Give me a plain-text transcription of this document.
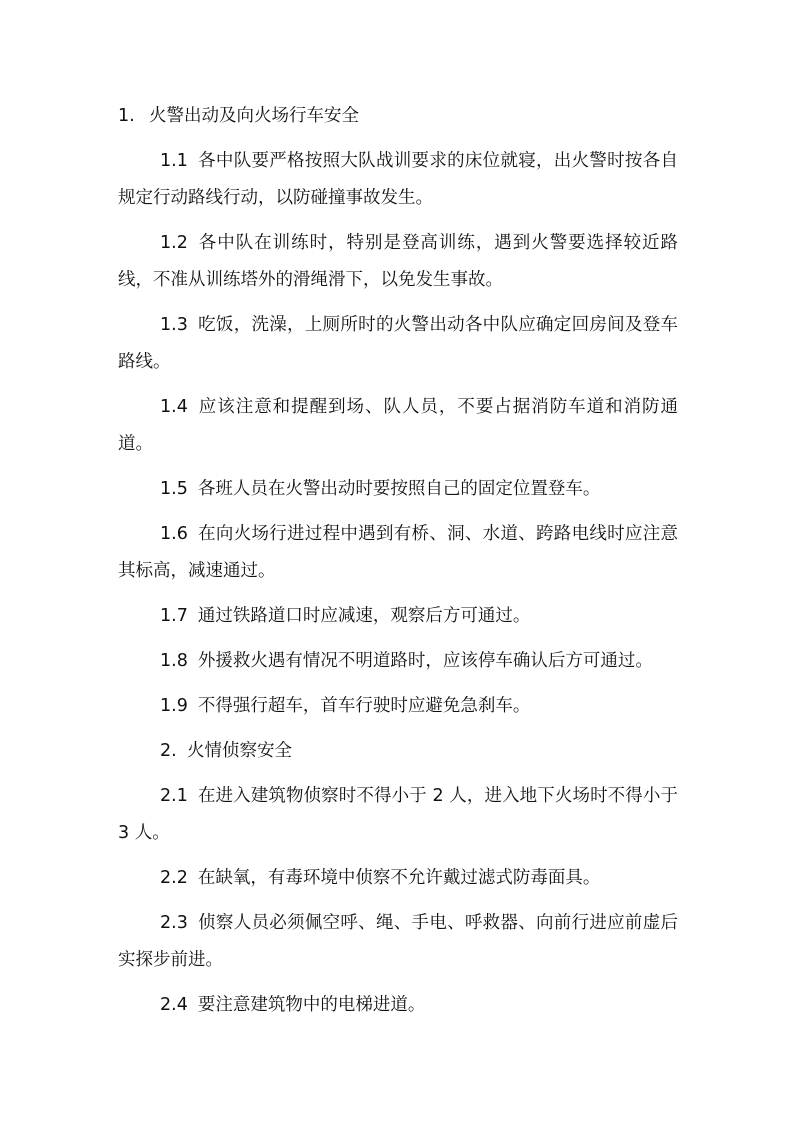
1. 火警出动及向火场行车安全

1.1 各中队要严格按照大队战训要求的床位就寝，出火警时按各自规定行动路线行动，以防碰撞事故发生。

1.2 各中队在训练时，特别是登高训练，遇到火警要选择较近路线，不准从训练塔外的滑绳滑下，以免发生事故。

1.3 吃饭，洗澡，上厕所时的火警出动各中队应确定回房间及登车路线。

1.4 应该注意和提醒到场、队人员，不要占据消防车道和消防通道。

1.5 各班人员在火警出动时要按照自己的固定位置登车。

1.6 在向火场行进过程中遇到有桥、洞、水道、跨路电线时应注意其标高，减速通过。

1.7 通过铁路道口时应减速，观察后方可通过。

1.8 外援救火遇有情况不明道路时，应该停车确认后方可通过。

1.9 不得强行超车，首车行驶时应避免急刹车。

2. 火情侦察安全

2.1 在进入建筑物侦察时不得小于 2 人，进入地下火场时不得小于 3 人。

2.2 在缺氧，有毒环境中侦察不允许戴过滤式防毒面具。

2.3 侦察人员必须佩空呼、绳、手电、呼救器、向前行进应前虚后实探步前进。

2.4 要注意建筑物中的电梯进道。
